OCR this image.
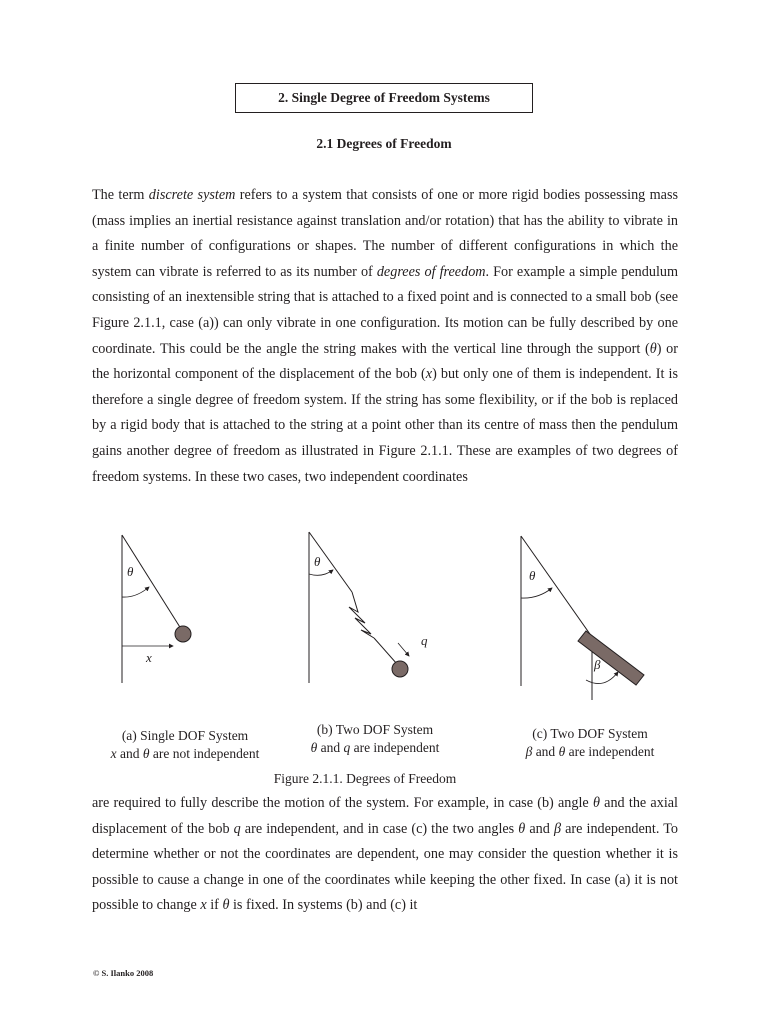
2. Single Degree of Freedom Systems
2.1 Degrees of Freedom

The term discrete system refers to a system that consists of one or more rigid bodies possessing mass (mass implies an inertial resistance against translation and/or rotation) that has the ability to vibrate in a finite number of configurations or shapes. The number of different configurations in which the system can vibrate is referred to as its number of degrees of freedom. For example a simple pendulum consisting of an inextensible string that is attached to a fixed point and is connected to a small bob (see Figure 2.1.1, case (a)) can only vibrate in one configuration. Its motion can be fully described by one coordinate. This could be the angle the string makes with the vertical line through the support (θ) or the horizontal component of the displacement of the bob (x) but only one of them is independent. It is therefore a single degree of freedom system. If the string has some flexibility, or if the bob is replaced by a rigid body that is attached to the string at a point other than its centre of mass then the pendulum gains another degree of freedom as illustrated in Figure 2.1.1. These are examples of two degrees of freedom systems. In these two cases, two independent coordinates

θ
x
θ
q
θ
β
(a) Single DOF System
x and θ are not independent
(b) Two DOF System
θ and q are independent
(c) Two DOF System
β and θ are independent
Figure 2.1.1. Degrees of Freedom

are required to fully describe the motion of the system. For example, in case (b) angle θ and the axial displacement of the bob q are independent, and in case (c) the two angles θ and β are independent. To determine whether or not the coordinates are dependent, one may consider the question whether it is possible to cause a change in one of the coordinates while keeping the other fixed. In case (a) it is not possible to change x if θ is fixed. In systems (b) and (c) it

© S. Ilanko 2008
